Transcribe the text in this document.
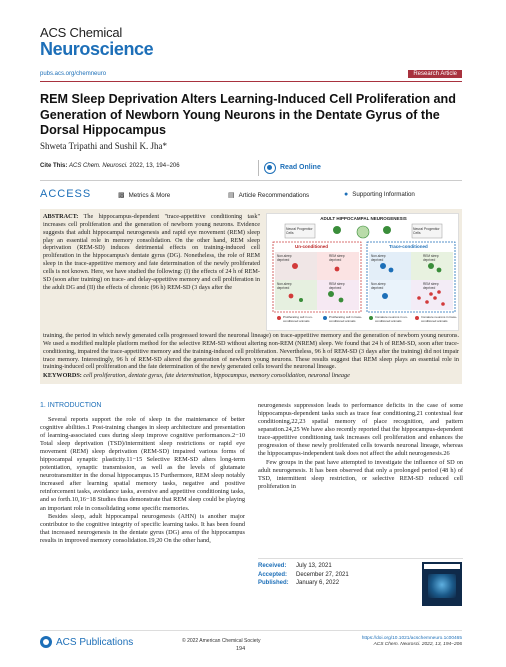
ACS Chemical
Neuroscience
pubs.acs.org/chemneuro	Research Article
REM Sleep Deprivation Alters Learning-Induced Cell Proliferation and Generation of Newborn Young Neurons in the Dentate Gyrus of the Dorsal Hippocampus
Shweta Tripathi and Sushil K. Jha*
Cite This: ACS Chem. Neurosci. 2022, 13, 194−206	Read Online
ACCESS	▩ Metrics & More	▤ Article Recommendations	● Supporting Information
ABSTRACT: The hippocampus-dependent "trace-appetitive conditioning task" increases cell proliferation and the generation of newborn young neurons. Evidence suggests that adult hippocampal neurogenesis and rapid eye movement (REM) sleep play an essential role in memory consolidation. On the other hand, REM sleep deprivation (REM-SD) induces detrimental effects on training-induced cell proliferation in the hippocampus's dentate gyrus (DG). Nonetheless, the role of REM sleep in the trace-appetitive memory and fate determination of the newly proliferated cells is not known. Here, we have studied the following: (I) the effects of 24 h of REM-SD (soon after training) on trace- and delay-appetitive memory and cell proliferation in the adult DG and (II) the effects of chronic (96 h) REM-SD (3 days after the
ADULT HIPPOCAMPAL NEUROGENESIS
Neural Progenitor Cells
Neural Progenitor Cells
Un-conditioned	Trace-conditioned
Non-sleep deprived
REM sleep deprived
Non-sleep deprived
REM sleep deprived
Non-sleep deprived
REM sleep deprived
Non-sleep deprived
REM sleep deprived
Proliferating cell in un-conditioned animals
Proliferating cell in trace-conditioned animals
Immature neurons in un-conditioned animals
Immature neurons in trace-conditioned animals
training, the period in which newly generated cells progressed toward the neuronal lineage) on trace-appetitive memory and the generation of newborn young neurons. We used a modified multiple platform method for the selective REM-SD without altering non-REM (NREM) sleep. We found that 24 h of REM-SD, soon after trace-conditioning, impaired the trace-appetitive memory and the training-induced cell proliferation. Nevertheless, 96 h of REM-SD (3 days after the training) did not impair trace memory. Interestingly, 96 h of REM-SD altered the generation of newborn young neurons. These results suggest that REM sleep plays an essential role in training-induced cell proliferation and the fate determination of the newly generated cells toward the neuronal lineage.
KEYWORDS: cell proliferation, dentate gyrus, fate determination, hippocampus, memory consolidation, neuronal lineage
1. INTRODUCTION

Several reports support the role of sleep in the maintenance of better cognitive abilities.1 Post-training changes in sleep architecture and presentation of learning-associated cues during sleep improve cognitive performances.2−10 Total sleep deprivation (TSD)/intermittent sleep restrictions or rapid eye movement (REM) sleep deprivation (REM-SD) impaired various forms of hippocampal synaptic plasticity.11−15 Selective REM-SD alters long-term potentiation, synaptic transmission, as well as the levels of glutamate neurotransmitter in the dorsal hippocampus.15 Furthermore, REM sleep notably increased after learning spatial memory tasks, negative and positive reinforcement tasks, avoidance tasks, aversive and appetitive conditioning tasks, and so forth.10,16−18 Studies thus demonstrate that REM sleep could be playing an important role in consolidating some specific memories.

Besides sleep, adult hippocampal neurogenesis (AHN) is another major contributor to the cognitive integrity of specific learning tasks. It has been found that increased neurogenesis in the dentate gyrus (DG) area of the hippocampus results in improved memory consolidation.19,20 On the other hand,

neurogenesis suppression leads to performance deficits in the case of some hippocampus-dependent tasks such as trace fear conditioning,21 contextual fear conditioning,22,23 spatial memory of place recognition, and pattern separation.24,25 We have also recently reported that the hippocampus-dependent trace-appetitive conditioning task increases cell proliferation and enhances the progression of these newly proliferated cells towards neuronal lineage, whereas the hippocampus-independent task does not affect the adult neurogenesis.26

Few groups in the past have attempted to investigate the influence of SD on adult neurogenesis. It has been observed that only a prolonged period (48 h) of TSD, intermittent sleep restriction, or selective REM-SD reduced cell proliferation in

Received: July 13, 2021
Accepted: December 27, 2021
Published: January 6, 2022
ACS Publications	© 2022 American Chemical Society
194
https://doi.org/10.1021/acschemneuro.1c00465
ACS Chem. Neurosci. 2022, 13, 194−206
